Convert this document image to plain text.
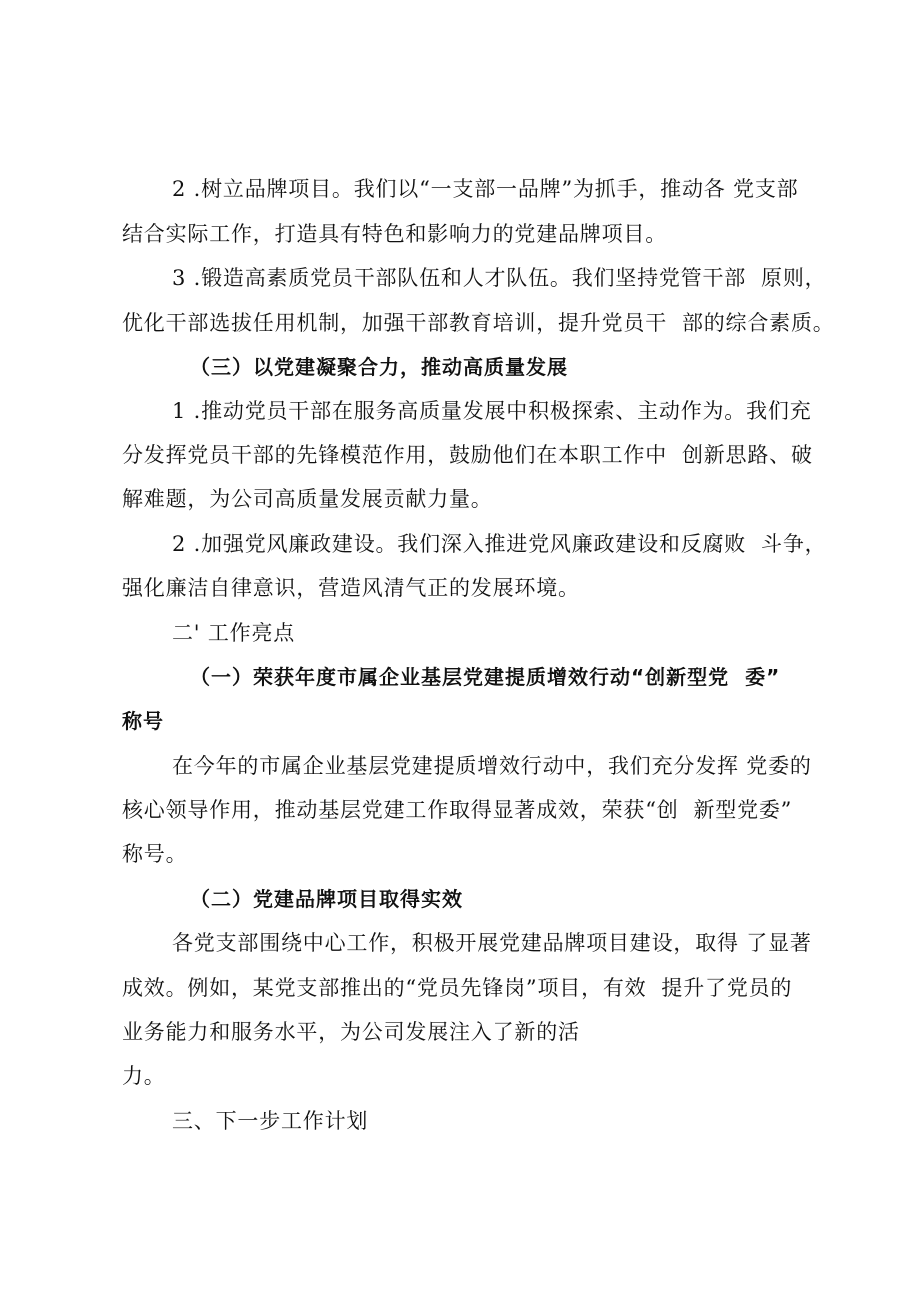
2 .树立品牌项目。我们以“一支部一品牌”为抓手，推动各 党支部
结合实际工作，打造具有特色和影响力的党建品牌项目。
3 .锻造高素质党员干部队伍和人才队伍。我们坚持党管干部  原则，
优化干部选拔任用机制，加强干部教育培训，提升党员干  部的综合素质。
（三）以党建凝聚合力，推动高质量发展
1 .推动党员干部在服务高质量发展中积极探索、主动作为。我们充
分发挥党员干部的先锋模范作用，鼓励他们在本职工作中  创新思路、破
解难题，为公司高质量发展贡献力量。
2 .加强党风廉政建设。我们深入推进党风廉政建设和反腐败  斗争，
强化廉洁自律意识，营造风清气正的发展环境。
二' 工作亮点
（一）荣获年度市属企业基层党建提质增效行动“创新型党  委”
称号
在今年的市属企业基层党建提质增效行动中，我们充分发挥 党委的
核心领导作用，推动基层党建工作取得显著成效，荣获“创  新型党委”
称号。
（二）党建品牌项目取得实效
各党支部围绕中心工作，积极开展党建品牌项目建设，取得 了显著
成效。例如，某党支部推出的“党员先锋岗”项目，有效  提升了党员的
业务能力和服务水平，为公司发展注入了新的活
力。
三、下一步工作计划
